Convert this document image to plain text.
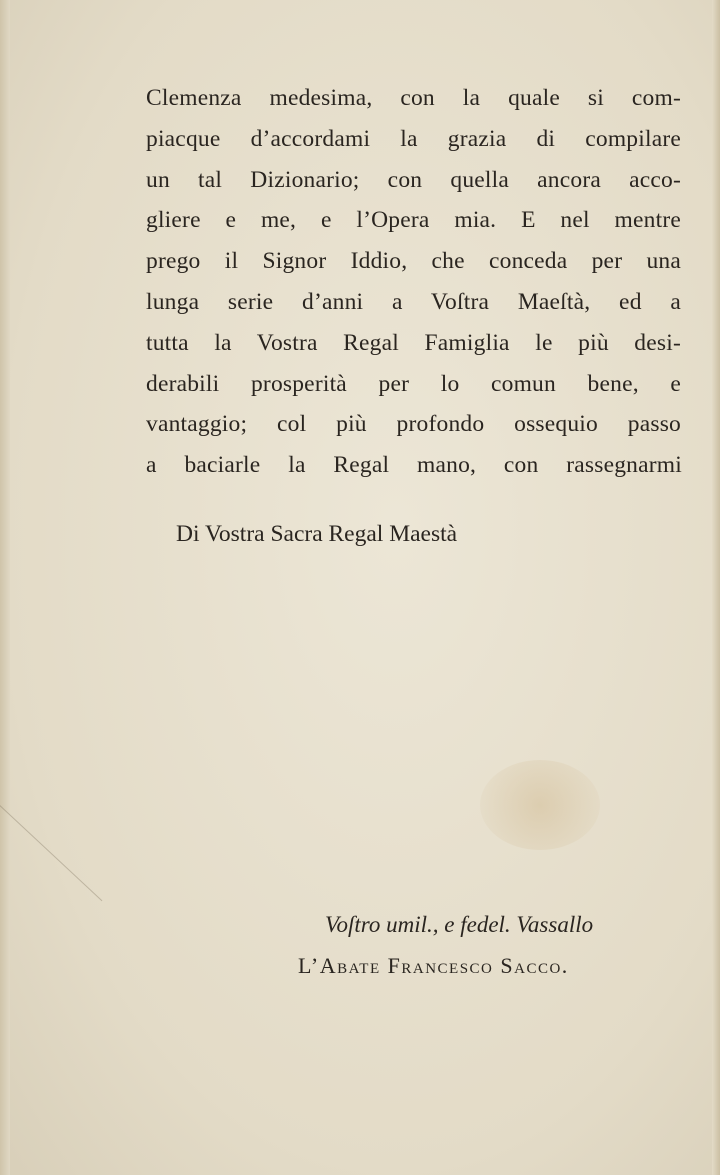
Clemenza medesima, con la quale si com-
piacque d’accordami la grazia di compilare
un tal Dizionario; con quella ancora acco-
gliere e me, e l’Opera mia. E nel mentre
prego il Signor Iddio, che conceda per una
lunga serie d’anni a Voſtra Maeſtà, ed a
tutta la Vostra Regal Famiglia le più desi-
derabili prosperità per lo comun bene, e
vantaggio; col più profondo ossequio passo
a baciarle la Regal mano, con rassegnarmi
Di Vostra Sacra Regal Maestà
Voſtro umil., e fedel. Vassallo
L’Abate Francesco Sacco.
